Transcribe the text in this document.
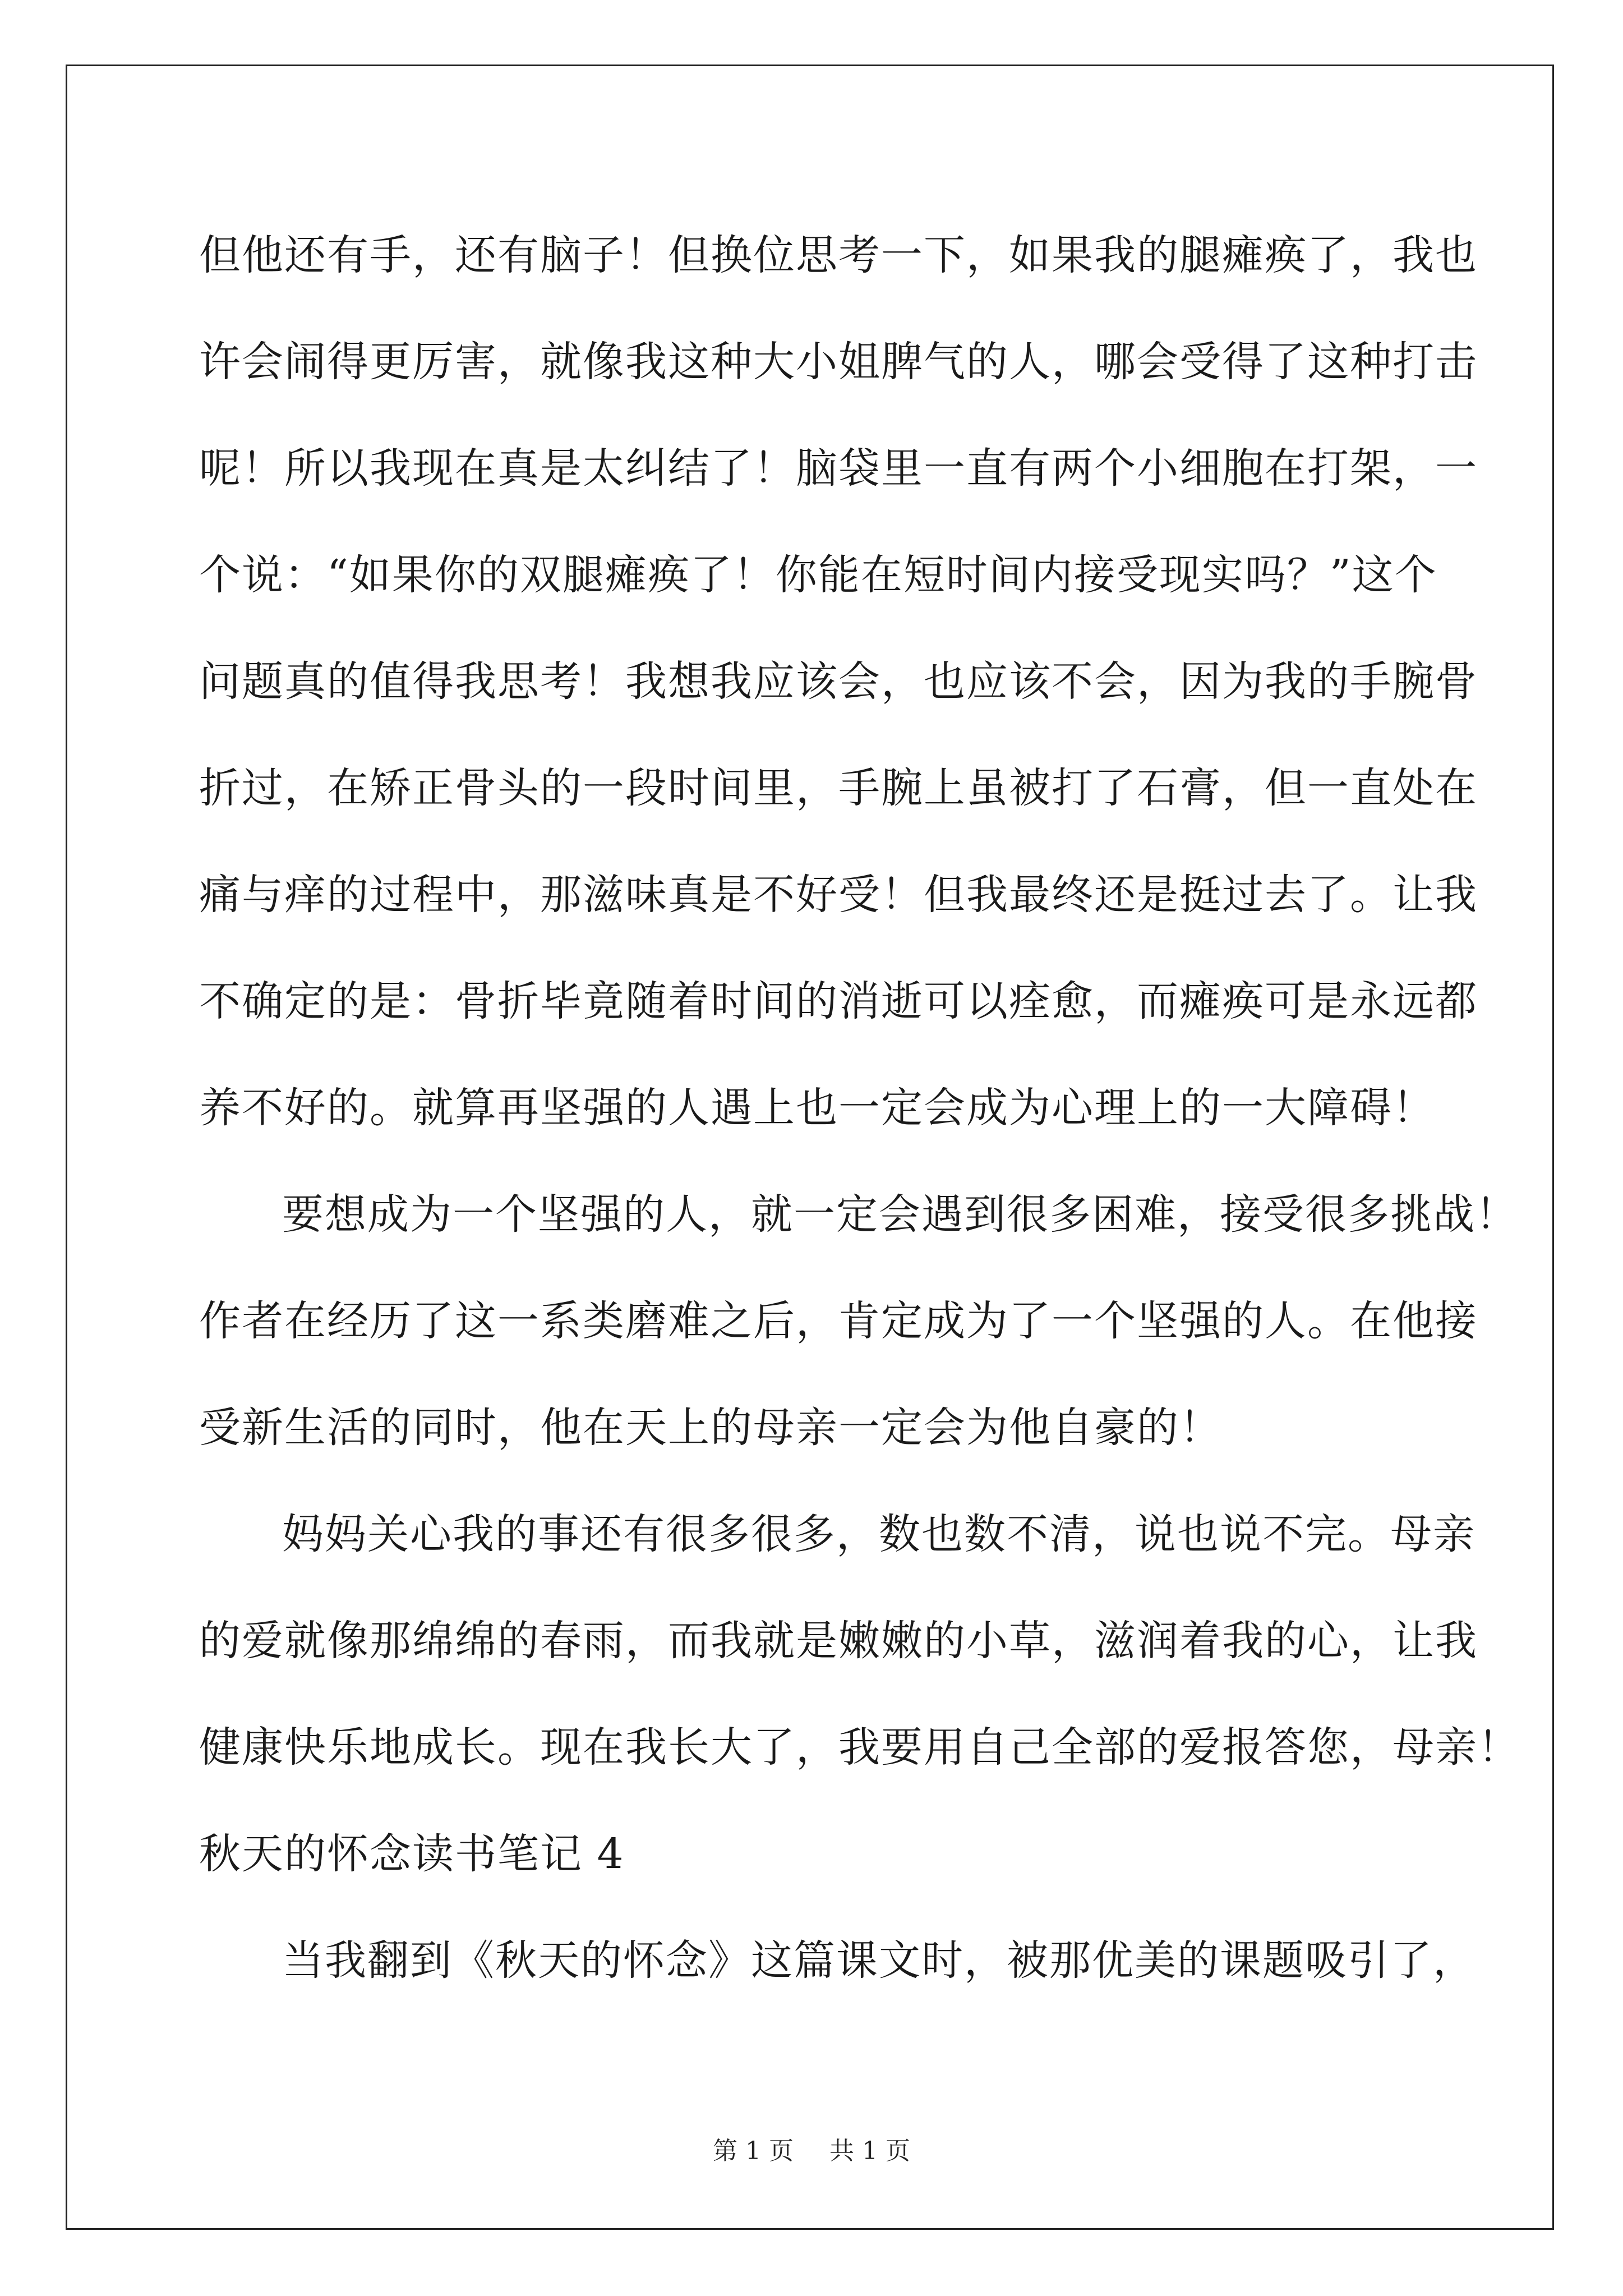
但他还有手，还有脑子！但换位思考一下，如果我的腿瘫痪了，我也
许会闹得更厉害，就像我这种大小姐脾气的人，哪会受得了这种打击
呢！所以我现在真是太纠结了！脑袋里一直有两个小细胞在打架，一
个说：“如果你的双腿瘫痪了！你能在短时间内接受现实吗？”这个
问题真的值得我思考！我想我应该会，也应该不会，因为我的手腕骨
折过，在矫正骨头的一段时间里，手腕上虽被打了石膏，但一直处在
痛与痒的过程中，那滋味真是不好受！但我最终还是挺过去了。让我
不确定的是：骨折毕竟随着时间的消逝可以痊愈，而瘫痪可是永远都
养不好的。就算再坚强的人遇上也一定会成为心理上的一大障碍！
要想成为一个坚强的人，就一定会遇到很多困难，接受很多挑战！
作者在经历了这一系类磨难之后，肯定成为了一个坚强的人。在他接
受新生活的同时，他在天上的母亲一定会为他自豪的！
妈妈关心我的事还有很多很多，数也数不清，说也说不完。母亲
的爱就像那绵绵的春雨，而我就是嫩嫩的小草，滋润着我的心，让我
健康快乐地成长。现在我长大了，我要用自己全部的爱报答您，母亲！
秋天的怀念读书笔记 4
当我翻到《秋天的怀念》这篇课文时，被那优美的课题吸引了，
第 1 页 共 1 页
